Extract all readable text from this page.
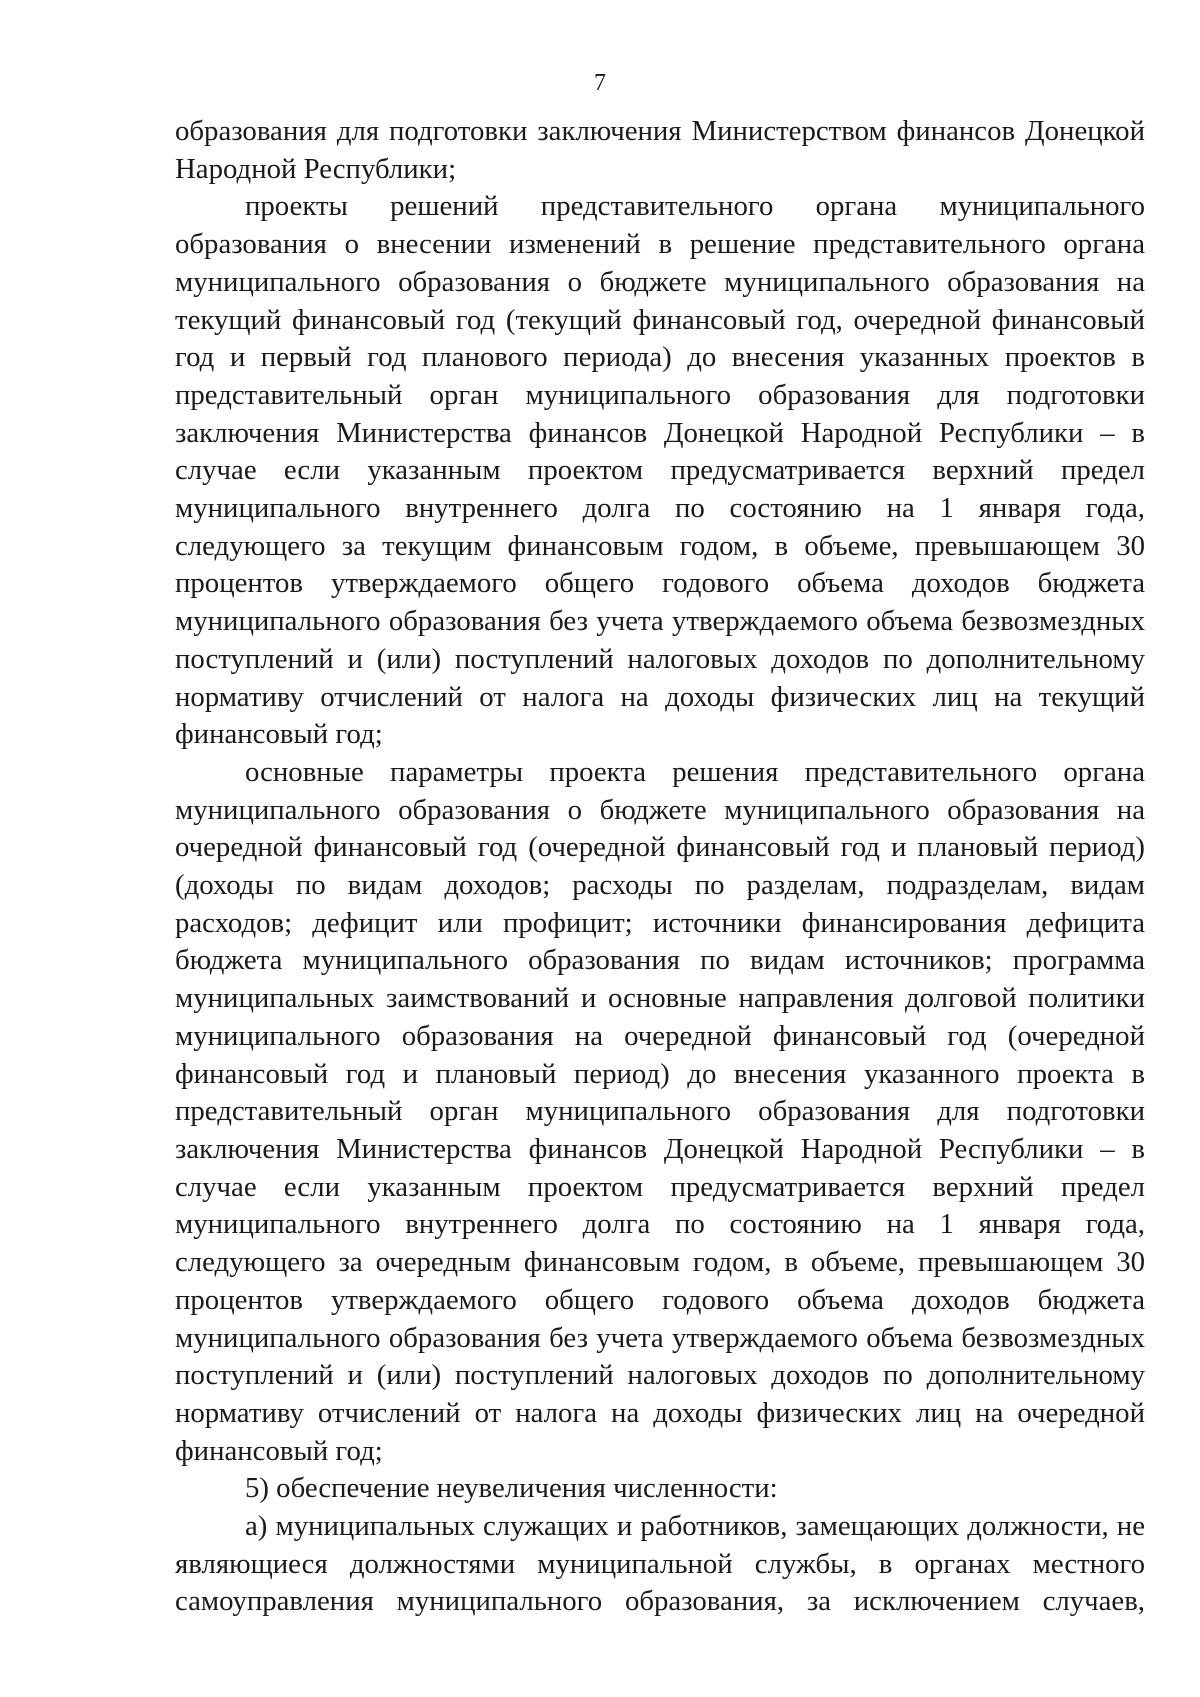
7

образования для подготовки заключения Министерством финансов Донецкой Народной Республики;

проекты решений представительного органа муниципального образования о внесении изменений в решение представительного органа муниципального образования о бюджете муниципального образования на текущий финансовый год (текущий финансовый год, очередной финансовый год и первый год планового периода) до внесения указанных проектов в представительный орган муниципального образования для подготовки заключения Министерства финансов Донецкой Народной Республики – в случае если указанным проектом предусматривается верхний предел муниципального внутреннего долга по состоянию на 1 января года, следующего за текущим финансовым годом, в объеме, превышающем 30 процентов утверждаемого общего годового объема доходов бюджета муниципального образования без учета утверждаемого объема безвозмездных поступлений и (или) поступлений налоговых доходов по дополнительному нормативу отчислений от налога на доходы физических лиц на текущий финансовый год;

основные параметры проекта решения представительного органа муниципального образования о бюджете муниципального образования на очередной финансовый год (очередной финансовый год и плановый период) (доходы по видам доходов; расходы по разделам, подразделам, видам расходов; дефицит или профицит; источники финансирования дефицита бюджета муниципального образования по видам источников; программа муниципальных заимствований и основные направления долговой политики муниципального образования на очередной финансовый год (очередной финансовый год и плановый период) до внесения указанного проекта в представительный орган муниципального образования для подготовки заключения Министерства финансов Донецкой Народной Республики – в случае если указанным проектом предусматривается верхний предел муниципального внутреннего долга по состоянию на 1 января года, следующего за очередным финансовым годом, в объеме, превышающем 30 процентов утверждаемого общего годового объема доходов бюджета муниципального образования без учета утверждаемого объема безвозмездных поступлений и (или) поступлений налоговых доходов по дополнительному нормативу отчислений от налога на доходы физических лиц на очередной финансовый год;

5) обеспечение неувеличения численности:

а) муниципальных служащих и работников, замещающих должности, не являющиеся должностями муниципальной службы, в органах местного самоуправления муниципального образования, за исключением случаев,
